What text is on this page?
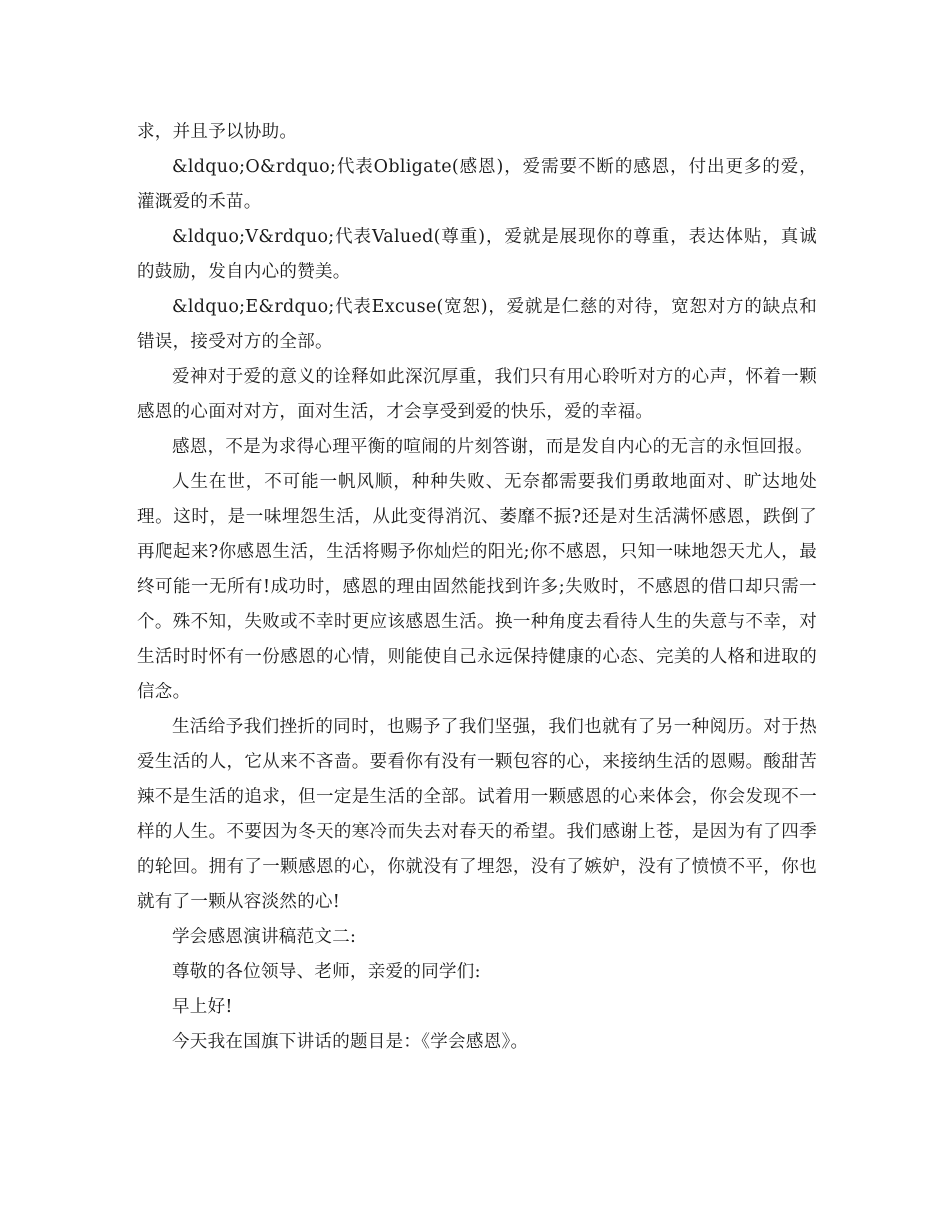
求，并且予以协助。

&ldquo;O&rdquo;代表Obligate(感恩)，爱需要不断的感恩，付出更多的爱，灌溉爱的禾苗。

&ldquo;V&rdquo;代表Valued(尊重)，爱就是展现你的尊重，表达体贴，真诚的鼓励，发自内心的赞美。

&ldquo;E&rdquo;代表Excuse(宽恕)，爱就是仁慈的对待，宽恕对方的缺点和错误，接受对方的全部。

爱神对于爱的意义的诠释如此深沉厚重，我们只有用心聆听对方的心声，怀着一颗感恩的心面对对方，面对生活，才会享受到爱的快乐，爱的幸福。

感恩，不是为求得心理平衡的喧闹的片刻答谢，而是发自内心的无言的永恒回报。

人生在世，不可能一帆风顺，种种失败、无奈都需要我们勇敢地面对、旷达地处理。这时，是一味埋怨生活，从此变得消沉、萎靡不振?还是对生活满怀感恩，跌倒了再爬起来?你感恩生活，生活将赐予你灿烂的阳光;你不感恩，只知一味地怨天尤人，最终可能一无所有!成功时，感恩的理由固然能找到许多;失败时，不感恩的借口却只需一个。殊不知，失败或不幸时更应该感恩生活。换一种角度去看待人生的失意与不幸，对生活时时怀有一份感恩的心情，则能使自己永远保持健康的心态、完美的人格和进取的信念。

生活给予我们挫折的同时，也赐予了我们坚强，我们也就有了另一种阅历。对于热爱生活的人，它从来不吝啬。要看你有没有一颗包容的心，来接纳生活的恩赐。酸甜苦辣不是生活的追求，但一定是生活的全部。试着用一颗感恩的心来体会，你会发现不一样的人生。不要因为冬天的寒冷而失去对春天的希望。我们感谢上苍，是因为有了四季的轮回。拥有了一颗感恩的心，你就没有了埋怨，没有了嫉妒，没有了愤愤不平，你也就有了一颗从容淡然的心!

学会感恩演讲稿范文二:

尊敬的各位领导、老师，亲爱的同学们:

早上好!

今天我在国旗下讲话的题目是：《学会感恩》。
